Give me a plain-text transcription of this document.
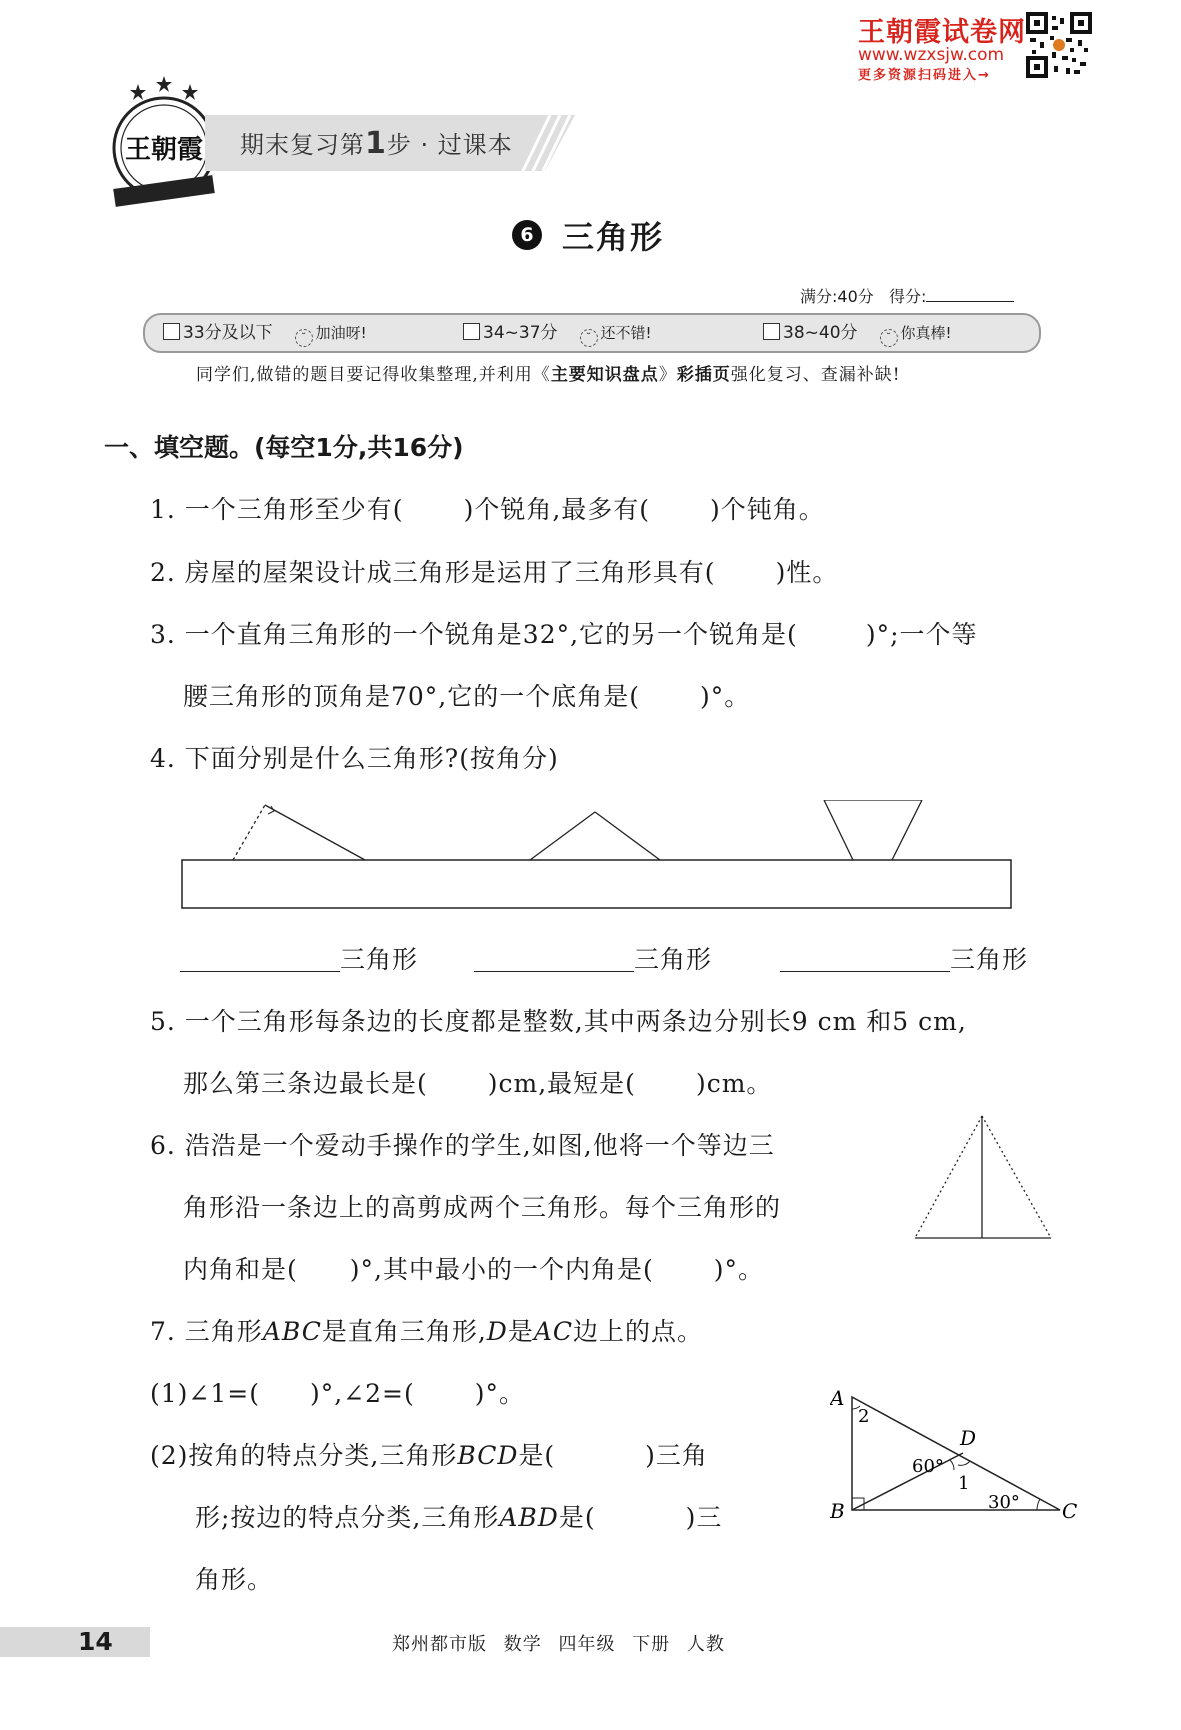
王朝霞试卷网
www.wzxsjw.com
更多资源扫码进入→
王朝霞 期末复习第1步 · 过课本
6 三角形
满分:40分 得分:
33分及以下	˘ 加油呀!	34~37分	˘ 还不错!	38~40分	˘ 你真棒!
同学们,做错的题目要记得收集整理,并利用《主要知识盘点》彩插页强化复习、查漏补缺!
一、填空题。(每空1分,共16分)
1. 一个三角形至少有( )个锐角,最多有( )个钝角。
2. 房屋的屋架设计成三角形是运用了三角形具有( )性。
3. 一个直角三角形的一个锐角是32°,它的另一个锐角是(	)°;一个等
腰三角形的顶角是70°,它的一个底角是( )°。
4. 下面分别是什么三角形?(按角分)
三角形	三角形	三角形
5. 一个三角形每条边的长度都是整数,其中两条边分别长9 cm 和5 cm,
那么第三条边最长是( )cm,最短是( )cm。
6. 浩浩是一个爱动手操作的学生,如图,他将一个等边三
角形沿一条边上的高剪成两个三角形。每个三角形的
内角和是( )°,其中最小的一个内角是( )°。
7. 三角形ABC是直角三角形,D是AC边上的点。
(1)∠1=( )°,∠2=( )°。
(2)按角的特点分类,三角形BCD是(	)三角
形;按边的特点分类,三角形ABD是(	)三
角形。
A
B	C
D
2
1
60°
30°
14	郑州都市版 数学 四年级 下册 人教
